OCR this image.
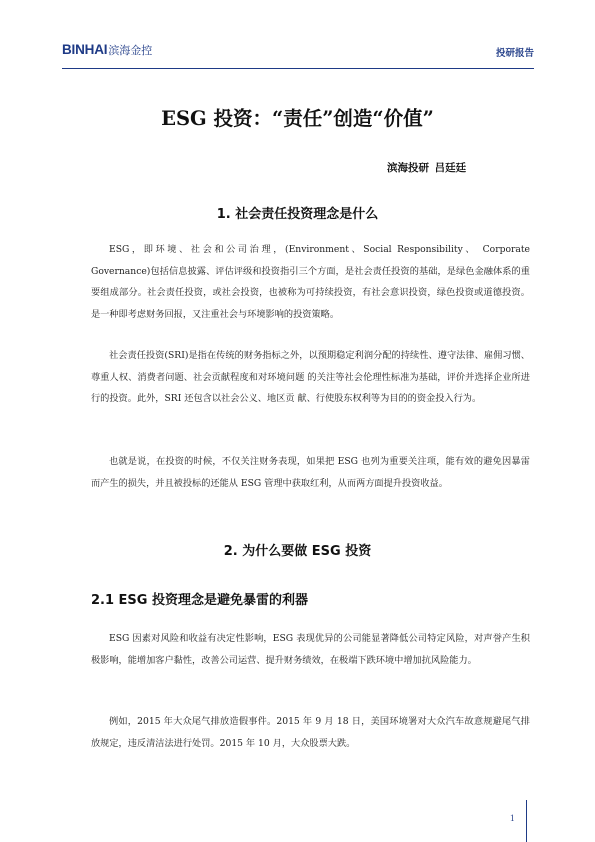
BINHAI 滨海金控	投研报告
ESG 投资：“责任”创造“价值”
滨海投研 吕廷廷
1. 社会责任投资理念是什么

ESG，即环境、社会和公司治理，(Environment、Social Responsibility、 Corporate Governance)包括信息披露、评估评级和投资指引三个方面，是社会责任投资的基础，是绿色金融体系的重要组成部分。社会责任投资，或社会投资，也被称为可持续投资，有社会意识投资，绿色投资或道德投资。是一种即考虑财务回报，又注重社会与环境影响的投资策略。

社会责任投资(SRI)是指在传统的财务指标之外，以预期稳定利润分配的持续性、遵守法律、雇佣习惯、 尊重人权、消费者问题、社会贡献程度和对环境问题 的关注等社会伦理性标准为基础，评价并选择企业所进行的投资。此外，SRI 还包含以社会公义、地区贡 献、行使股东权利等为目的的资金投入行为。

也就是说，在投资的时候，不仅关注财务表现，如果把 ESG 也列为重要关注项，能有效的避免因暴雷而产生的损失，并且被投标的还能从 ESG 管理中获取红利，从而两方面提升投资收益。

2. 为什么要做 ESG 投资
2.1 ESG 投资理念是避免暴雷的利器

ESG 因素对风险和收益有决定性影响，ESG 表现优异的公司能显著降低公司特定风险，对声誉产生积极影响，能增加客户黏性，改善公司运营、提升财务绩效，在极端下跌环境中增加抗风险能力。

例如，2015 年大众尾气排放造假事件。2015 年 9 月 18 日，美国环境署对大众汽车故意规避尾气排放规定，违反清洁法进行处罚。2015 年 10 月，大众股票大跌。

1
